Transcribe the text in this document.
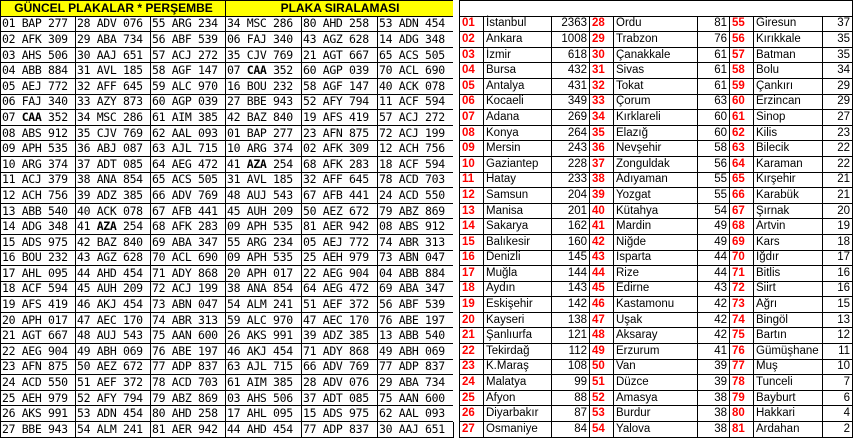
GÜNCEL PLAKALAR * PERŞEMBE			PLAKA SIRALAMASI		
01 BAP 277	28 ADV 076	55 ARG 234	34 MSC 286	80 AHD 258	53 ADN 454
02 AFK 309	29 ABA 734	56 ABF 539	06 FAJ 340	43 AGZ 628	14 ADG 348
03 AHS 506	30 AAJ 651	57 ACJ 272	35 CJV 769	21 AGT 667	65 ACS 505
04 ABB 884	31 AVL 185	58 AGF 147	07 CAA 352	60 AGP 039	70 ACL 690
05 AEJ 772	32 AFF 645	59 ALC 970	16 BOU 232	58 AGF 147	40 ACK 078
06 FAJ 340	33 AZY 873	60 AGP 039	27 BBE 943	52 AFY 794	11 ACF 594
07 CAA 352	34 MSC 286	61 AIM 385	42 BAZ 840	19 AFS 419	57 ACJ 272
08 ABS 912	35 CJV 769	62 AAL 093	01 BAP 277	23 AFN 875	72 ACJ 199
09 APH 535	36 ABJ 087	63 AJL 715	10 ARG 374	02 AFK 309	12 ACH 756
10 ARG 374	37 ADT 085	64 AEG 472	41 AZA 254	68 AFK 283	18 ACF 594
11 ACJ 379	38 ANA 854	65 ACS 505	31 AVL 185	32 AFF 645	78 ACD 703
12 ACH 756	39 ADZ 385	66 ADV 769	48 AUJ 543	67 AFB 441	24 ACD 550
13 ABB 540	40 ACK 078	67 AFB 441	45 AUH 209	50 AEZ 672	79 ABZ 869
14 ADG 348	41 AZA 254	68 AFK 283	09 APH 535	81 AER 942	08 ABS 912
15 ADS 975	42 BAZ 840	69 ABA 347	55 ARG 234	05 AEJ 772	74 ABR 313
16 BOU 232	43 AGZ 628	70 ACL 690	09 APH 535	25 AEH 979	73 ABN 047
17 AHL 095	44 AHD 454	71 ADY 868	20 APH 017	22 AEG 904	04 ABB 884
18 ACF 594	45 AUH 209	72 ACJ 199	38 ANA 854	64 AEG 472	69 ABA 347
19 AFS 419	46 AKJ 454	73 ABN 047	54 ALM 241	51 AEF 372	56 ABF 539
20 APH 017	47 AEC 170	74 ABR 313	59 ALC 970	47 AEC 170	76 ABE 197
21 AGT 667	48 AUJ 543	75 AAN 600	26 AKS 991	39 ADZ 385	13 ABB 540
22 AEG 904	49 ABH 069	76 ABE 197	46 AKJ 454	71 ADY 868	49 ABH 069
23 AFN 875	50 AEZ 672	77 ADP 837	63 AJL 715	66 ADV 769	77 ADP 837
24 ACD 550	51 AEF 372	78 ACD 703	61 AIM 385	28 ADV 076	29 ABA 734
25 AEH 979	52 AFY 794	79 ABZ 869	03 AHS 506	37 ADT 085	75 AAN 600
26 AKS 991	53 ADN 454	80 AHD 258	17 AHL 095	15 ADS 975	62 AAL 093
27 BBE 943	54 ALM 241	81 AER 942	44 AHD 454	77 ADP 837	30 AAJ 651

01	İstanbul	2363	28	Ordu	81	55	Giresun	37
02	Ankara	1008	29	Trabzon	76	56	Kırıkkale	35
03	İzmir	618	30	Çanakkale	61	57	Batman	35
04	Bursa	432	31	Sivas	61	58	Bolu	34
05	Antalya	431	32	Tokat	61	59	Çankırı	29
06	Kocaeli	349	33	Çorum	63	60	Erzincan	29
07	Adana	269	34	Kırklareli	60	61	Sinop	27
08	Konya	264	35	Elazığ	60	62	Kilis	23
09	Mersin	243	36	Nevşehir	58	63	Bilecik	22
10	Gaziantep	228	37	Zonguldak	56	64	Karaman	22
11	Hatay	233	38	Adıyaman	55	65	Kırşehir	21
12	Samsun	204	39	Yozgat	55	66	Karabük	21
13	Manisa	201	40	Kütahya	54	67	Şırnak	20
14	Sakarya	162	41	Mardin	49	68	Artvin	19
15	Balıkesir	160	42	Niğde	49	69	Kars	18
16	Denizli	145	43	Isparta	44	70	Iğdır	17
17	Muğla	144	44	Rize	44	71	Bitlis	16
18	Aydın	143	45	Edirne	43	72	Siirt	16
19	Eskişehir	142	46	Kastamonu	42	73	Ağrı	15
20	Kayseri	138	47	Uşak	42	74	Bingöl	13
21	Şanlıurfa	121	48	Aksaray	42	75	Bartın	12
22	Tekirdağ	112	49	Erzurum	41	76	Gümüşhane	11
23	K.Maraş	108	50	Van	39	77	Muş	10
24	Malatya	99	51	Düzce	39	78	Tunceli	7
25	Afyon	88	52	Amasya	38	79	Bayburt	6
26	Diyarbakır	87	53	Burdur	38	80	Hakkari	4
27	Osmaniye	84	54	Yalova	38	81	Ardahan	2
